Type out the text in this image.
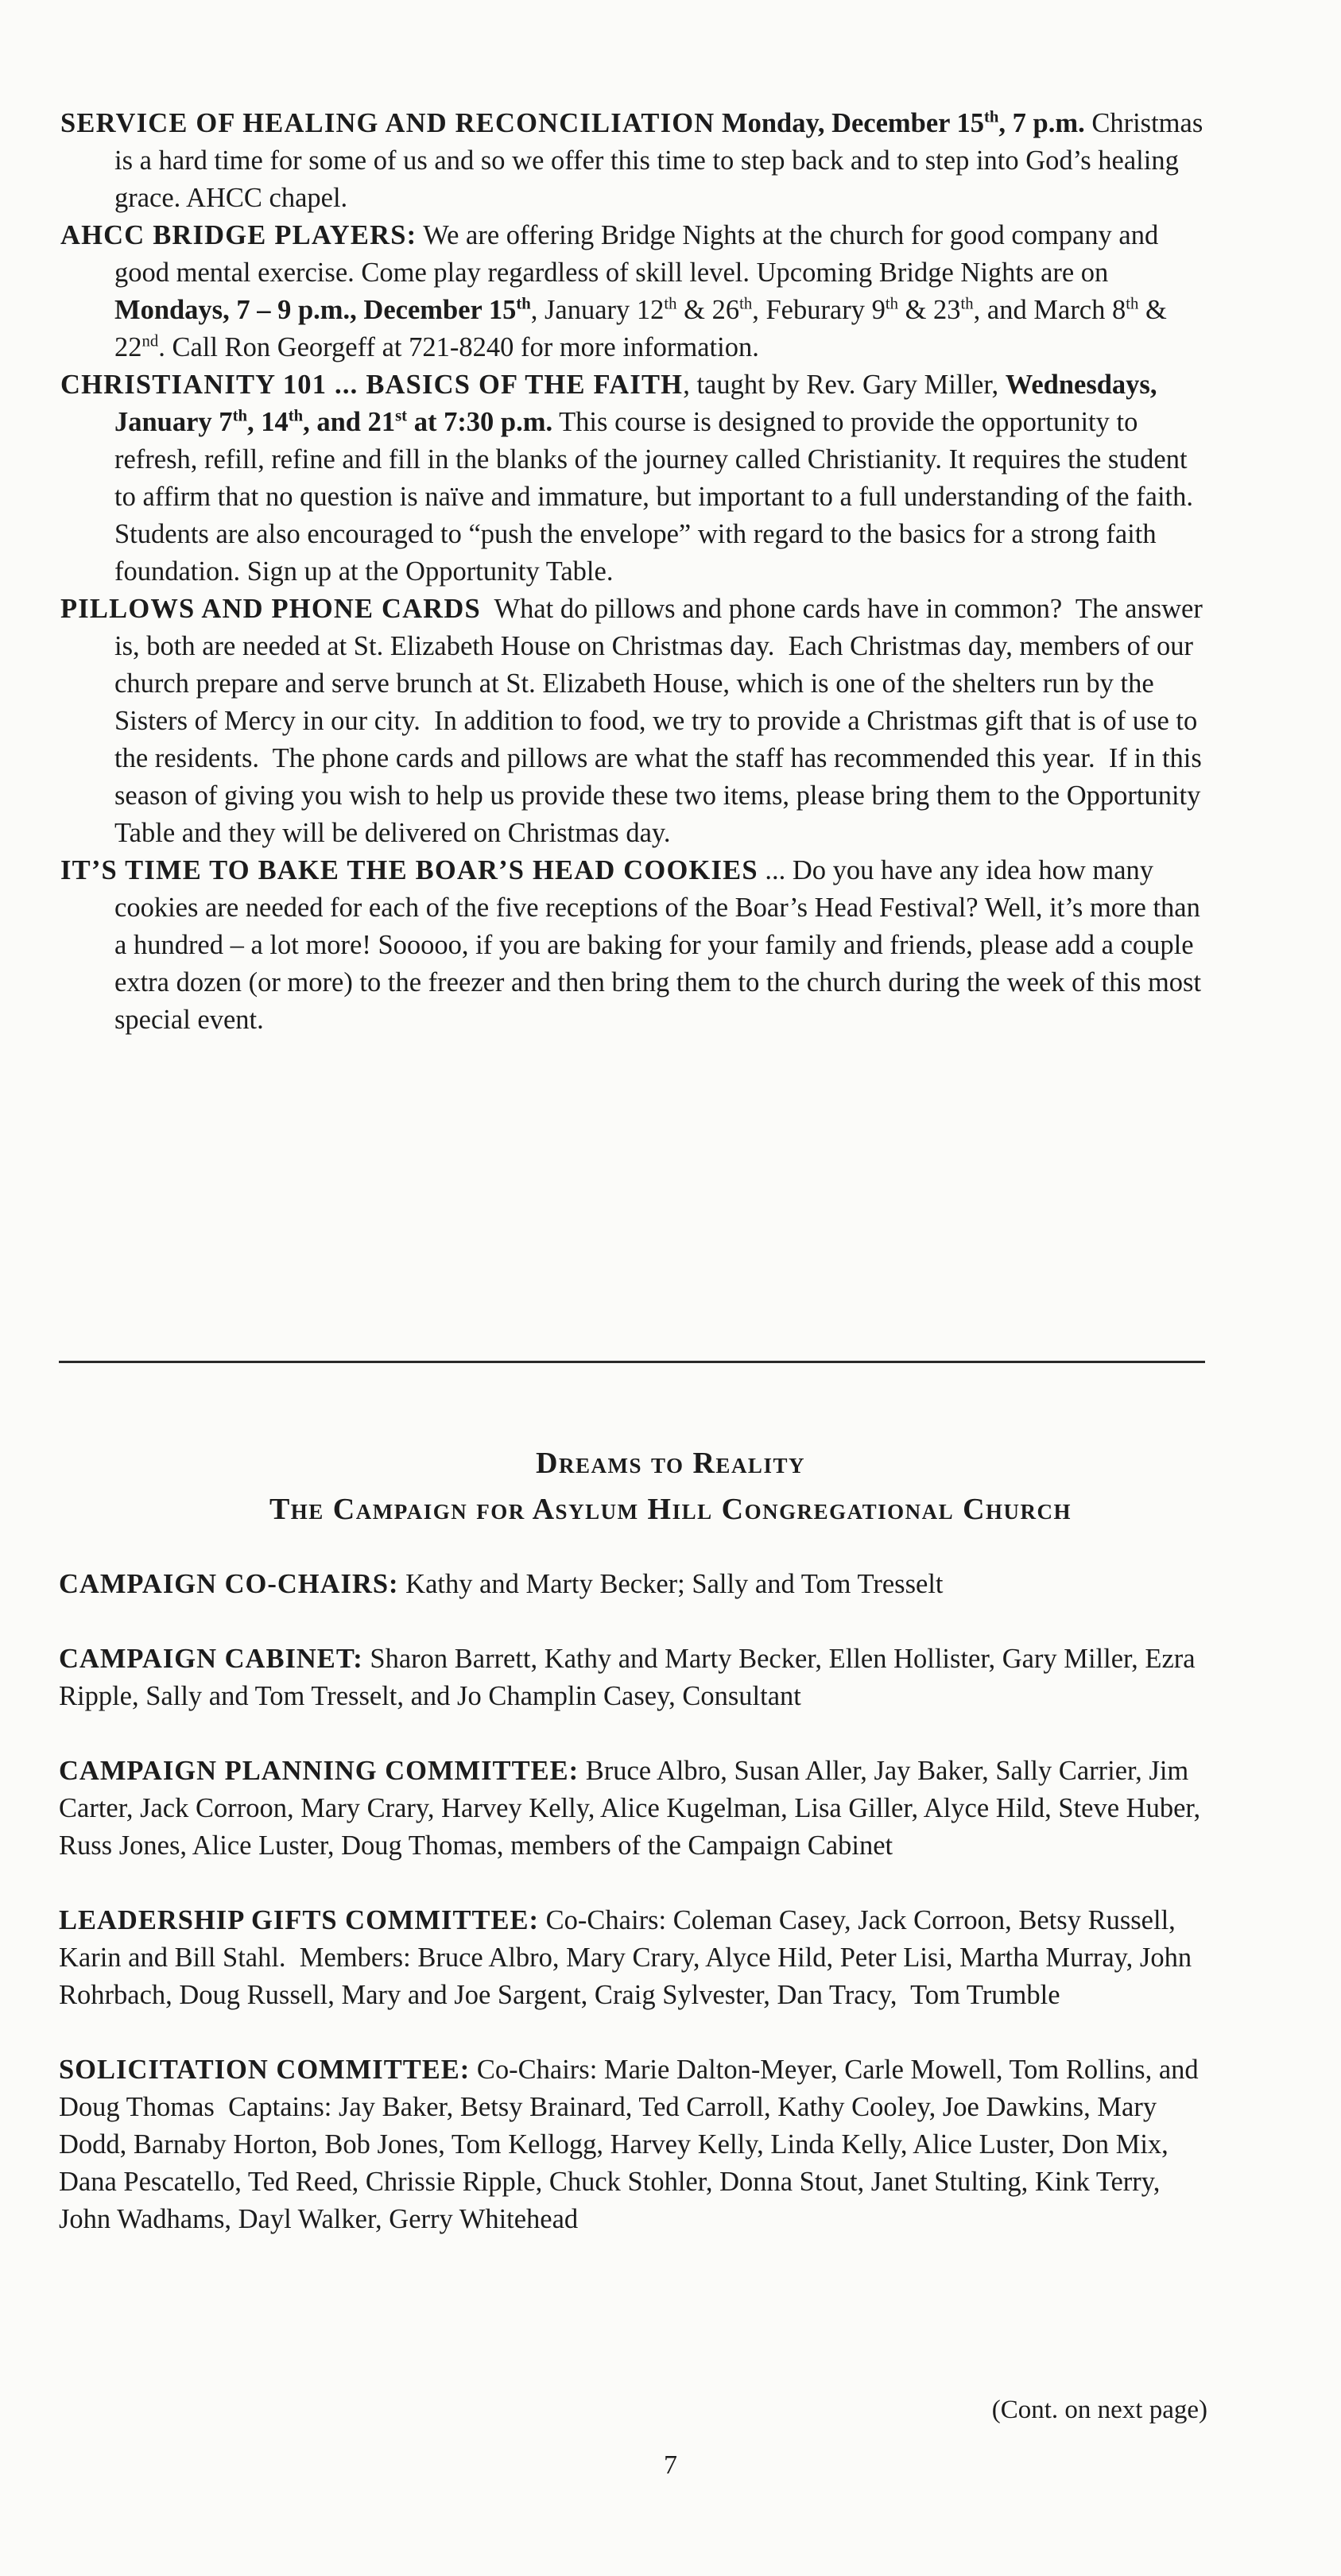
SERVICE OF HEALING AND RECONCILIATION Monday, December 15th, 7 p.m. Christmas is a hard time for some of us and so we offer this time to step back and to step into God’s healing grace. AHCC chapel.

AHCC BRIDGE PLAYERS: We are offering Bridge Nights at the church for good company and good mental exercise. Come play regardless of skill level. Upcoming Bridge Nights are on Mondays, 7 – 9 p.m., December 15th, January 12th & 26th, Feburary 9th & 23th, and March 8th & 22nd. Call Ron Georgeff at 721-8240 for more information.

CHRISTIANITY 101 ... BASICS OF THE FAITH, taught by Rev. Gary Miller, Wednesdays, January 7th, 14th, and 21st at 7:30 p.m. This course is designed to provide the opportunity to refresh, refill, refine and fill in the blanks of the journey called Christianity. It requires the student to affirm that no question is naïve and immature, but important to a full understanding of the faith. Students are also encouraged to “push the envelope” with regard to the basics for a strong faith foundation. Sign up at the Opportunity Table.

PILLOWS AND PHONE CARDS  What do pillows and phone cards have in common?  The answer is, both are needed at St. Elizabeth House on Christmas day.  Each Christmas day, members of our church prepare and serve brunch at St. Elizabeth House, which is one of the shelters run by the Sisters of Mercy in our city.  In addition to food, we try to provide a Christmas gift that is of use to the residents.  The phone cards and pillows are what the staff has recommended this year.  If in this season of giving you wish to help us provide these two items, please bring them to the Opportunity Table and they will be delivered on Christmas day.

IT’S TIME TO BAKE THE BOAR’S HEAD COOKIES ... Do you have any idea how many cookies are needed for each of the five receptions of the Boar’s Head Festival? Well, it’s more than a hundred – a lot more! Sooooo, if you are baking for your family and friends, please add a couple extra dozen (or more) to the freezer and then bring them to the church during the week of this most special event.

Dreams to Reality
The Campaign for Asylum Hill Congregational Church

CAMPAIGN CO-CHAIRS: Kathy and Marty Becker; Sally and Tom Tresselt

CAMPAIGN CABINET: Sharon Barrett, Kathy and Marty Becker, Ellen Hollister, Gary Miller, Ezra Ripple, Sally and Tom Tresselt, and Jo Champlin Casey, Consultant

CAMPAIGN PLANNING COMMITTEE: Bruce Albro, Susan Aller, Jay Baker, Sally Carrier, Jim Carter, Jack Corroon, Mary Crary, Harvey Kelly, Alice Kugelman, Lisa Giller, Alyce Hild, Steve Huber, Russ Jones, Alice Luster, Doug Thomas, members of the Campaign Cabinet

LEADERSHIP GIFTS COMMITTEE: Co-Chairs: Coleman Casey, Jack Corroon, Betsy Russell, Karin and Bill Stahl.  Members: Bruce Albro, Mary Crary, Alyce Hild, Peter Lisi, Martha Murray, John Rohrbach, Doug Russell, Mary and Joe Sargent, Craig Sylvester, Dan Tracy,  Tom Trumble

SOLICITATION COMMITTEE: Co-Chairs: Marie Dalton-Meyer, Carle Mowell, Tom Rollins, and Doug Thomas  Captains: Jay Baker, Betsy Brainard, Ted Carroll, Kathy Cooley, Joe Dawkins, Mary Dodd, Barnaby Horton, Bob Jones, Tom Kellogg, Harvey Kelly, Linda Kelly, Alice Luster, Don Mix, Dana Pescatello, Ted Reed, Chrissie Ripple, Chuck Stohler, Donna Stout, Janet Stulting, Kink Terry, John Wadhams, Dayl Walker, Gerry Whitehead

(Cont. on next page)
7
